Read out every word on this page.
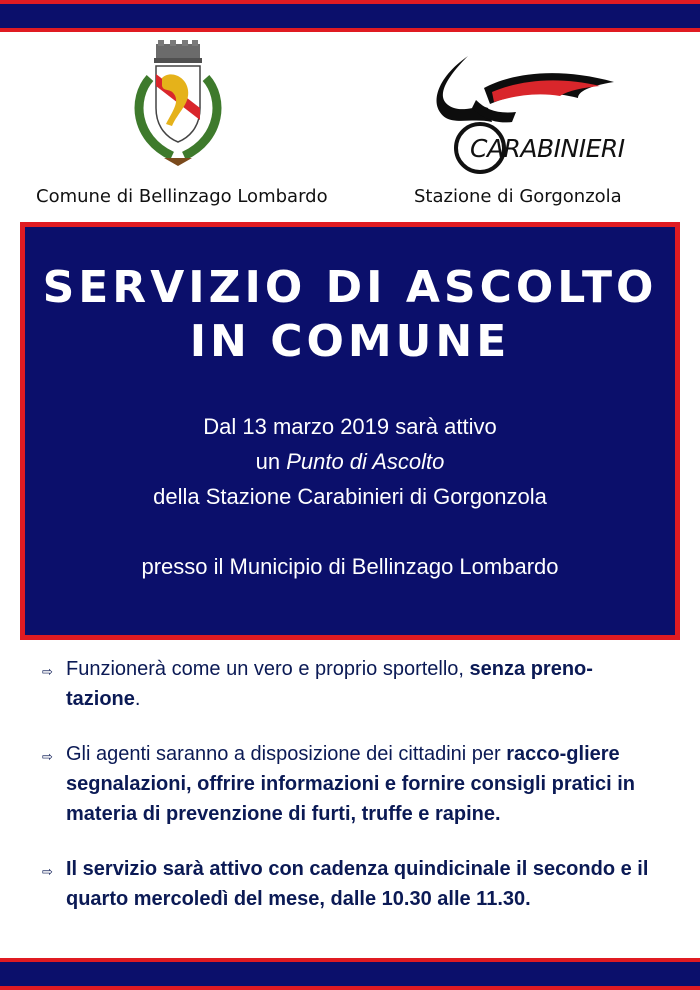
CARABINIERI
Comune di Bellinzago Lombardo	Stazione di Gorgonzola
SERVIZIO DI ASCOLTO
IN COMUNE
Dal 13 marzo 2019 sarà attivo
un Punto di Ascolto
della Stazione Carabinieri di Gorgonzola
presso il Municipio di Bellinzago Lombardo
⇨ Funzionerà come un vero e proprio sportello, senza preno-tazione.
⇨ Gli agenti saranno a disposizione dei cittadini per racco-gliere segnalazioni, offrire informazioni e fornire consigli pratici in materia di prevenzione di furti, truffe e rapine.
⇨ Il servizio sarà attivo con cadenza quindicinale il secondo e il quarto mercoledì del mese, dalle 10.30 alle 11.30.
